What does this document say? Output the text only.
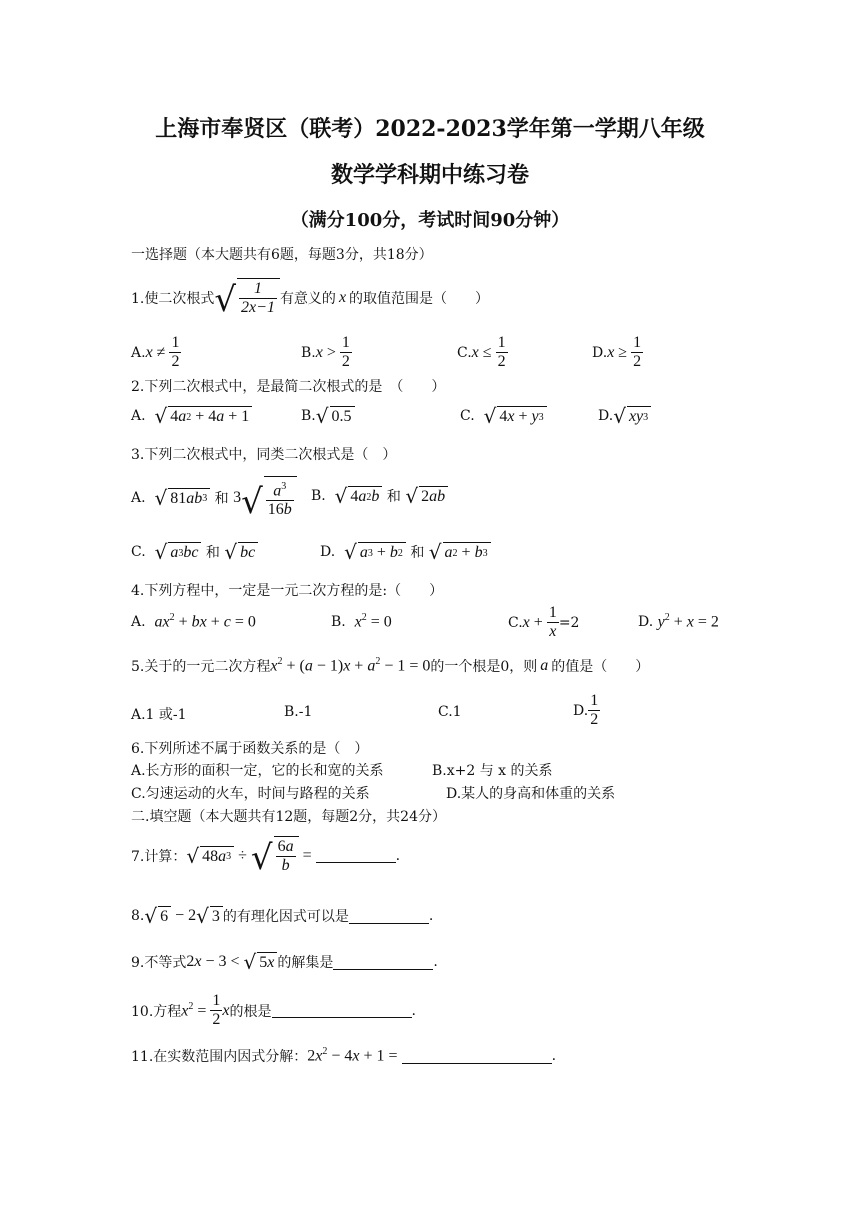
上海市奉贤区（联考）2022-2023学年第一学期八年级
数学学科期中练习卷
（满分100分，考试时间90分钟）
一选择题（本大题共有6题，每题3分，共18分）
1.使二次根式 √ $\frac{1}{2x-1}$ 有意义的 x 的取值范围是（　　）
A. $x \ne \frac{1}{2}$	B. $x > \frac{1}{2}$	C. $x \le \frac{1}{2}$	D. $x \ge \frac{1}{2}$
2.下列二次根式中，是最简二次根式的是　（　　）
A.
√ 4 a 2 + 4 a + 1	B. √ 0.5	C.
√ 4 x + y 3	D. √ xy 3
3.下列二次根式中，同类二次根式是（　）
A.
√ 81 ab 3
和
3 √ $\frac{a^3}{16b} B$.
√ 4 a 2 b
和
√ 2 ab
C.
√ a 3 bc
和
√ bc	D.
√ a 3 + b 2
和
√ a 2 + b 3
4.下列方程中，一定是一元二次方程的是:（　　）
A.
$ax^2$ + bx + c = 0	B.
$x^2 = 0$	C. $x + \frac{1}{x} =2$	D.
$y^2 + x = 2$
5.关于的一元二次方程 $x^2 + (a - 1)x + a^2 - 1 = 0$ 的一个根是0，则 a 的值是（　　）
A.1 或-1	B.-1	C.1	D. $\frac{1}{2}$
6.下列所述不属于函数关系的是（　）
A.长方形的面积一定，它的长和宽的关系	B.x+2 与 x 的关系
C.匀速运动的火车，时间与路程的关系	D.某人的身高和体重的关系
二.填空题（本大题共有12题，每题2分，共24分）
7.计算： √ 48 a 3 ÷ √ $\frac{6a}{b}$ =	.
8. √ 6 − 2 √ 3 的有理化因式可以是	.
9.不等式 2x − 3 < √ 5 x 的解集是	.
10.方程 $x^2 = \frac{1}{2}$ x 的根是	.
11.在实数范围内因式分解： $2x^2 - 4x + 1$ =	.
